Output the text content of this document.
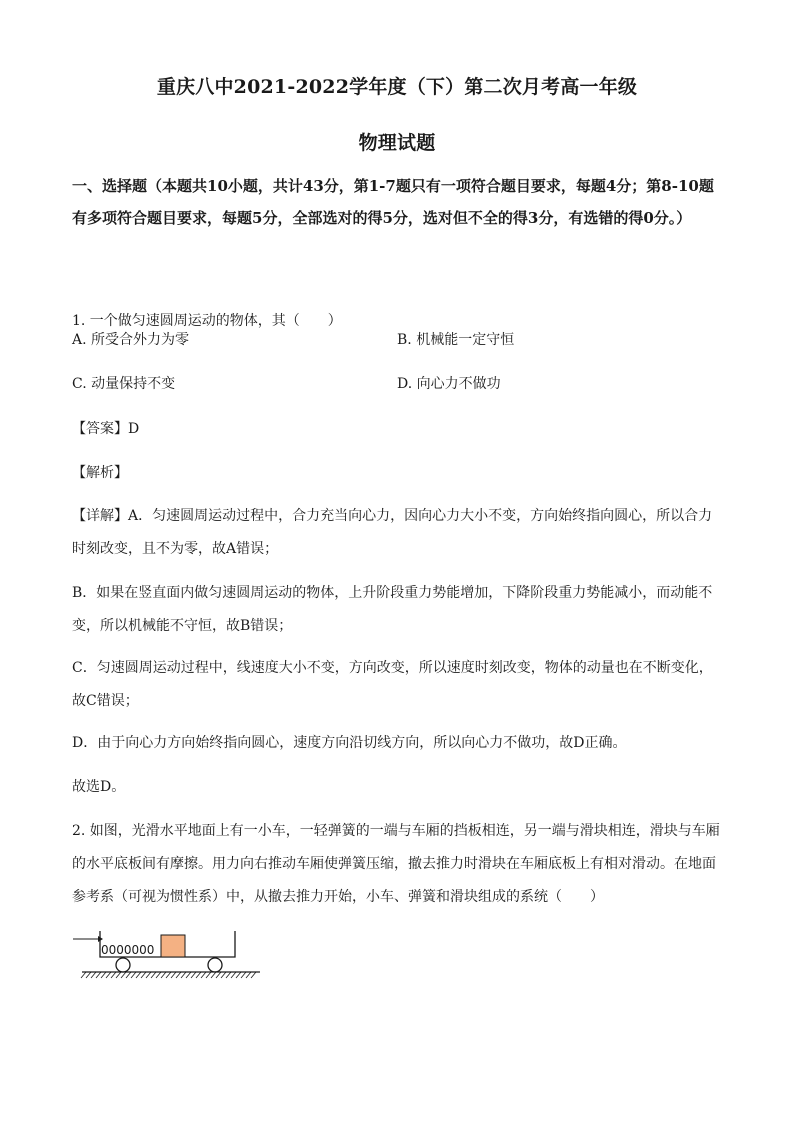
重庆八中2021-2022学年度（下）第二次月考高一年级
物理试题

一、选择题（本题共10小题，共计43分，第1-7题只有一项符合题目要求，每题4分；第8-10题有多项符合题目要求，每题5分，全部选对的得5分，选对但不全的得3分，有选错的得0分。）

1. 一个做匀速圆周运动的物体，其（　　）

A. 所受合外力为零	B. 机械能一定守恒
C. 动量保持不变	D. 向心力不做功
【答案】D
【解析】

【详解】A．匀速圆周运动过程中，合力充当向心力，因向心力大小不变，方向始终指向圆心，所以合力时刻改变，且不为零，故A错误；

B．如果在竖直面内做匀速圆周运动的物体，上升阶段重力势能增加，下降阶段重力势能减小，而动能不变，所以机械能不守恒，故B错误；

C．匀速圆周运动过程中，线速度大小不变，方向改变，所以速度时刻改变，物体的动量也在不断变化，故C错误；

D．由于向心力方向始终指向圆心，速度方向沿切线方向，所以向心力不做功，故D正确。

故选D。

2. 如图，光滑水平地面上有一小车，一轻弹簧的一端与车厢的挡板相连，另一端与滑块相连，滑块与车厢的水平底板间有摩擦。用力向右推动车厢使弹簧压缩，撤去推力时滑块在车厢底板上有相对滑动。在地面参考系（可视为惯性系）中，从撤去推力开始，小车、弹簧和滑块组成的系统（　　）

0000000
